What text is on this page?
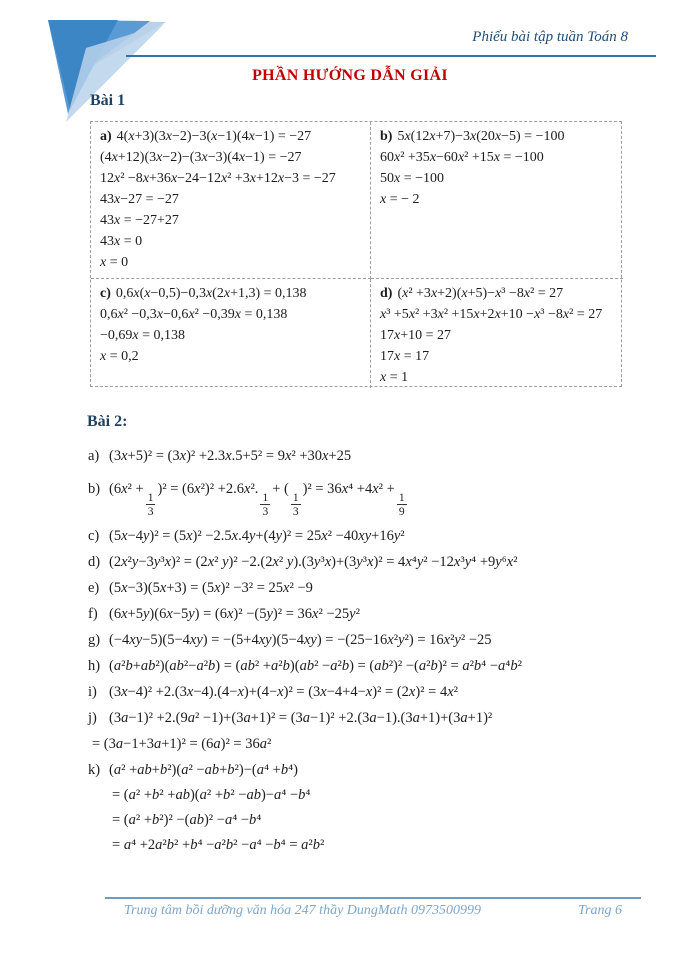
Phiếu bài tập tuần Toán 8
PHẦN HƯỚNG DẪN GIẢI
Bài 1
a) 4(x+3)(3x−2)−3(x−1)(4x−1) = −27
(4x+12)(3x−2)−(3x−3)(4x−1) = −27
12x² −8x+36x−24−12x² +3x+12x−3 = −27
43x−27 = −27
43x = −27+27
43x = 0
x = 0
b) 5x(12x+7)−3x(20x−5) = −100
60x² +35x−60x² +15x = −100
50x = −100
x = − 2
c) 0,6x(x−0,5)−0,3x(2x+1,3) = 0,138
0,6x² −0,3x−0,6x² −0,39x = 0,138
−0,69x = 0,138
x = 0,2
d) (x² +3x+2)(x+5)−x³ −8x² = 27
x³ +5x² +3x² +15x+2x+10 −x³ −8x² = 27
17x+10 = 27
17x = 17
x = 1
Bài 2:
a) (3x+5)² = (3x)² +2.3x.5+5² = 9x² +30x+25
b) (6x² +
$\frac{1}{3}$
)² = (6x²)² +2.6x².
$\frac{1}{3}$
+ (
$\frac{1}{3}$
)² = 36x⁴ +4x² +
$\frac{1}{9}$
c) (5x−4y)² = (5x)² −2.5x.4y+(4y)² = 25x² −40xy+16y²
d) (2x²y−3y³x)² = (2x² y)² −2.(2x² y).(3y³x)+(3y³x)² = 4x⁴y² −12x³y⁴ +9y⁶x²
e) (5x−3)(5x+3) = (5x)² −3² = 25x² −9
f) (6x+5y)(6x−5y) = (6x)² −(5y)² = 36x² −25y²
g) (−4xy−5)(5−4xy) = −(5+4xy)(5−4xy) = −(25−16x²y²) = 16x²y² −25
h) (a²b+ab²)(ab²−a²b) = (ab² +a²b)(ab² −a²b) = (ab²)² −(a²b)² = a²b⁴ −a⁴b²
i) (3x−4)² +2.(3x−4).(4−x)+(4−x)² = (3x−4+4−x)² = (2x)² = 4x²
j) (3a−1)² +2.(9a² −1)+(3a+1)² = (3a−1)² +2.(3a−1).(3a+1)+(3a+1)²
= (3a−1+3a+1)² = (6a)² = 36a²
k) (a² +ab+b²)(a² −ab+b²)−(a⁴ +b⁴)
= (a² +b² +ab)(a² +b² −ab)−a⁴ −b⁴
= (a² +b²)² −(ab)² −a⁴ −b⁴
= a⁴ +2a²b² +b⁴ −a²b² −a⁴ −b⁴ = a²b²
Trung tâm bồi dưỡng văn hóa 247 thầy DungMath 0973500999	Trang 6
